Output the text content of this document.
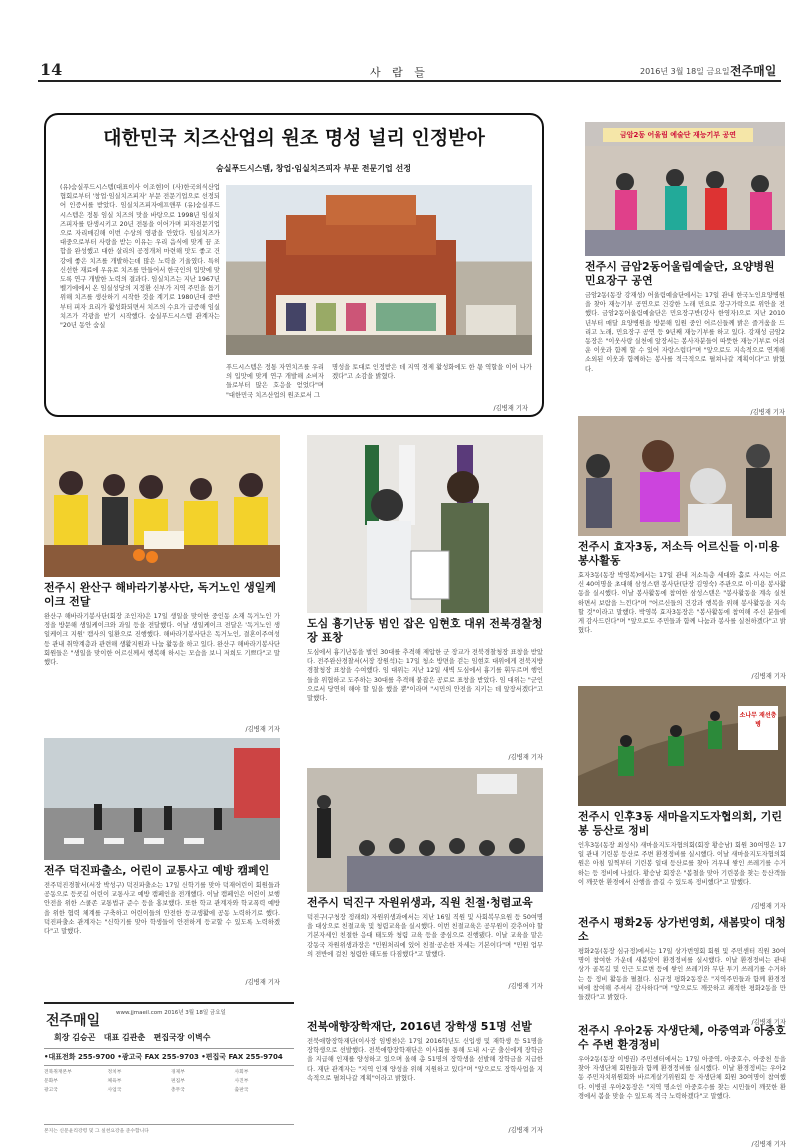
14	사 람 들	2016년 3월 18일 금요일 전주매일
대한민국 치즈산업의 원조 명성 널리 인정받아
숨실푸드시스템, 창업·임실치즈피자 부문 전문기업 선정
(유)숨실푸드시스템(대표이사 이조현)이 (사)한국외식산업협회로부터 '창업·임실치즈피자' 부문 전문기업으로 선정되어 인증서를 받았다. 임실치즈피자에프앤푸 (유)숨실푸드시스템은 정통 임실 치즈의 맛을 바탕으로 1998년 임실치즈피자를 탄생시키고 20년 전통을 이어가며 피자전문기업으로 자리매김해 이번 수상의 영광을 안았다. 임실치즈가 대중으로부터 사랑을 받는 이유는 우리 음식에 맞게 끔 조합을 완성했고 대한 살리의 공정개처 마련해 맛도 좋고 건강에 좋은 치즈를 개발하는데 많은 노력을 기울였다. 특히 신선한 재료에 우유로 치즈를 만들어서 한국인의 입맛에 맞도록 연구 개발한 노력의 결과다. 임실치즈는 지난 1967년 벨기에에서 온 임실성당의 지정환 신부가 지역 주민을 돕기 위해 치즈를 생산하기 시작한 것을 계기로 1980년대 중반부터 피자 요리가 활성화되면서 치즈의 수요가 급증해 임실치즈가 각광을 받기 시작했다. 숨실푸드시스템 관계자는 "20년 동안 숨실
푸드시스템은 정통 자연치즈를 우리의 입맛에 맞게 연구 개발해 소비자들로부터 많은 호응을 얻었다"며 "대한민국 치즈산업의 원조로서 그
명성을 토대로 인정받은 데 지역 경제 활성화에도 한 몫 역할을 이어 나가겠다"고 소감을 밝혔다.
/김병재 기자
금암2동 어울림 예술단 재능기부 공연
전주시 금암2동어울림예술단, 요양병원 민요장구 공연
금암2동(동장 강재성) 어울림예술단에서는 17일 관내 한국노인요양병원을 찾아 재능기부 공연으로 건강한 노래 민요로 장구가락으로 위안을 전했다. 금암2동어울림예술단은 민요장구반(강사 한영자)으로 지난 2010년부터 매달 요양병원을 방문해 입원 중인 어르신들께 밝은 즐거움을 드리고 노래, 민요장구 공연 등 9년째 재능기부를 하고 있다. 강재성 금암2동장은 "이웃사랑 실천에 앞장서는 봉사자분들이 따뜻한 재능기부로 어려운 이웃과 함께 할 수 있어 자랑스럽다"며 "앞으로도 지속적으로 연계해 소외된 이웃과 함께하는 봉사를 적극적으로 펼쳐나갈 계획이다"고 밝혔다.
/김병재 기자
전주시 효자3동, 저소득 어르신들 이·미용 봉사활동
효자3동(동장 박영복)에서는 17일 관내 저소득층 세대와 홀로 사시는 어르신 40여명을 초대해 삼성스탠 봉사단(단장 김영숙) 주관으로 이·미용 봉사활동을 실시했다. 이날 봉사활동에 참여한 삼성스탠은 "봉사활동을 계속 실천하면서 보람을 느낀다"며 "어르신들의 건강과 행복을 위해 봉사활동을 지속할 것"이라고 말했다. 박영복 효자3동장은 "봉사활동에 참여해 주신 분들에게 감사드린다"며 "앞으로도 주민들과 함께 나눔과 봉사를 실천하겠다"고 밝혔다.
/김병재 기자
소나무 재선충병
전주시 인후3동 새마을지도자협의회, 기린봉 등산로 정비
인후3동(동장 최성식) 새마을지도자협의회(회장 황승남) 회원 30여명은 17일 관내 기린봉 등산로 주변 환경정비를 실시했다. 이날 새마을지도자협의회원은 아침 일찍부터 기린봉 일대 등산로를 찾아 겨우내 쌓인 쓰레기를 수거하는 등 정비에 나섰다. 황승남 회장은 "봄철을 맞아 기린봉을 찾는 등산객들이 깨끗한 환경에서 산행을 즐길 수 있도록 정비했다"고 말했다.
/김병재 기자
전주시 평화2동 상가번영회, 새봄맞이 대청소
평화2동(동장 심규정)에서는 17일 상가번영회 회원 및 주민센터 직원 30여명이 참여한 가운데 새봄맞이 환경정비를 실시했다. 이날 환경정비는 관내 상가 골목길 및 인근 도로변 등에 쌓인 쓰레기와 무단 투기 쓰레기를 수거하는 등 정비 활동을 펼쳤다. 심규정 평화2동장은 "지역주민들과 함께 환경정비에 참여해 주셔서 감사하다"며 "앞으로도 깨끗하고 쾌적한 평화2동을 만들겠다"고 밝혔다.
/김병재 기자
전주시 우아2동 자생단체, 아중역과 아중호수 주변 환경정비
우아2동(동장 이병권) 주민센터에서는 17일 아중역, 아중호수, 아중천 등을 찾아 자생단체 회원들과 함께 환경정비를 실시했다. 이날 환경정비는 우아2동 주민자치위원회와 바르게살기위원회 등 자생단체 회원 30여명이 참여했다. 이병권 우아2동장은 "지역 명소인 아중호수를 찾는 시민들이 깨끗한 환경에서 봄을 맞을 수 있도록 적극 노력하겠다"고 말했다.
/김병재 기자
전주시 완산구 해바라기봉사단, 독거노인 생일케이크 전달
완산구 해바라기봉사단(회장 조인자)은 17일 생일을 맞이한 중인동 소재 독거노인 가정을 방문해 생일케이크와 과일 등을 전달했다. 이날 생일케이크 전달은 '독거노인 생일케이크 지원' 캠사의 일환으로 진행했다. 해바라기봉사단은 독거노인, 결혼이주여성 등 관내 취약계층과 관련해 생활지원과 나눔 활동을 하고 있다. 완산구 해바라기봉사단 회원들은 "생일을 맞이한 어르신께서 행복해 하시는 모습을 보니 저희도 기쁘다"고 말했다.
/김병재 기자
전주 덕진파출소, 어린이 교통사고 예방 캠페인
전주덕진경찰서(서장 박성구) 덕진파출소는 17일 신학기를 맞아 덕재어린이 회원들과 공동으로 등굣길 어린이 교통사고 예방 캠페인을 전개했다. 이날 캠페인은 어린이 보행 안전을 위한 스쿨존 교통법규 준수 등을 홍보했다. 또한 학교 관계자와 학교폭력 예방을 위한 협력 체계를 구축하고 어린이들의 안전한 등교생활에 공동 노력하기로 했다. 덕진파출소 관계자는 "신학기를 맞아 학생들이 안전하게 등교할 수 있도록 노력하겠다"고 말했다.
/김병재 기자
도심 흉기난동 범인 잡은 임현호 대위 전북경찰청장 표창
도심에서 흉기난동을 벌인 30대를 추격해 제압한 군 장교가 전북경찰청장 표창을 받았다. 전주완산경찰서(서장 장원석)는 17일 청소 방면을 걷는 임현호 대위에게 전북지방경찰청장 표창을 수여했다. 임 대위는 지난 12일 새벽 도심에서 흉기를 휘두르며 행인들을 위협하고 도주하는 30대를 추격해 붙잡은 공로로 표창을 받았다. 임 대위는 "군인으로서 당연히 해야 할 일을 했을 뿐"이라며 "시민의 안전을 지키는 데 앞장서겠다"고 말했다.
/김병재 기자
전주시 덕진구 자원위생과, 직원 친절·청렴교육
덕진구(구청장 정래희) 자원위생과에서는 지난 16일 직원 및 사회복무요원 등 50여명을 대상으로 친절교육 및 청렴교육을 실시했다. 이번 친절교육은 공무원이 갖추어야 할 기본자세인 친절한 응대 태도와 청렴 교육 등을 중심으로 진행됐다. 이날 교육을 맡은 강동국 자원위생과장은 "민원처리에 있어 친절·공손한 자세는 기본이다"며 "민원 업무의 전반에 걸친 청렴한 태도를 다짐했다"고 말했다.
/김병재 기자
전북애향장학재단, 2016년 장학생 51명 선발
전북애향장학재단(이사장 임병찬)은 17일 2016학년도 신입생 및 재학생 등 51명을 장학생으로 선발했다. 전북애향장학재단은 이사회를 통해 도내 시·군 출신에게 장학금을 지급해 인재를 양성하고 있으며 올해 총 51명의 장학생을 선발해 장학금을 지급한다. 재단 관계자는 "지역 인재 양성을 위해 지원하고 있다"며 "앞으로도 장학사업을 지속적으로 펼쳐나갈 계획"이라고 밝혔다.
/김병재 기자
전주매일	www.jjmaeil.com 2016년 3월 18일 금요일
회장 김승곤 대표 김관춘 편집국장 이벽수
•대표전화 255-9700 •광고국 FAX 255-9703 •편집국 FAX 255-9704
전북취재본부	정치부	경제부	사회부
문화부	체육부	편집부	사진부
광고국	사업국	총무국	출판국
본지는 신문윤리강령 및 그 실천요강을 준수합니다
